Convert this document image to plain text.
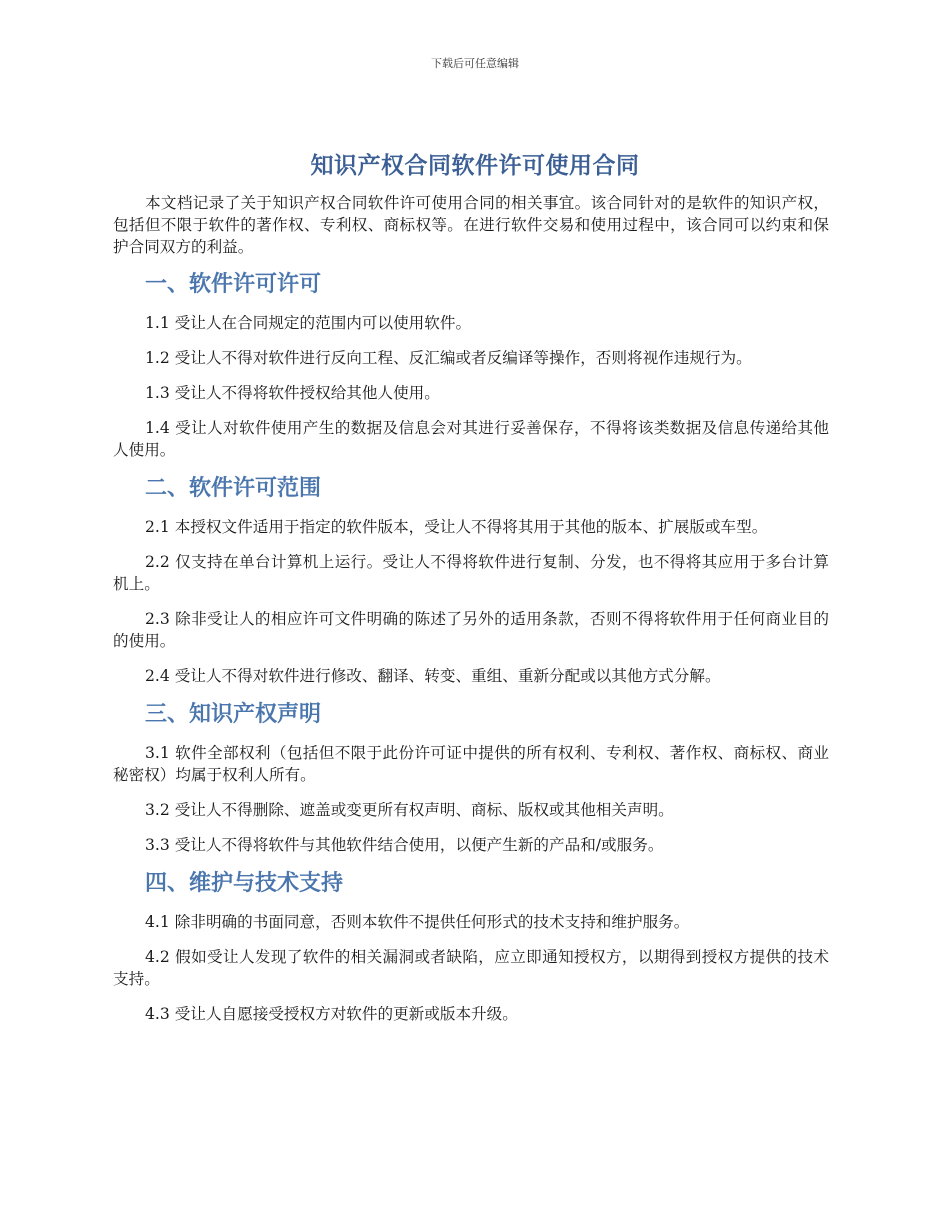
下载后可任意编辑
知识产权合同软件许可使用合同

本文档记录了关于知识产权合同软件许可使用合同的相关事宜。该合同针对的是软件的知识产权，包括但不限于软件的著作权、专利权、商标权等。在进行软件交易和使用过程中，该合同可以约束和保护合同双方的利益。

一、软件许可许可

1.1 受让人在合同规定的范围内可以使用软件。

1.2 受让人不得对软件进行反向工程、反汇编或者反编译等操作，否则将视作违规行为。

1.3 受让人不得将软件授权给其他人使用。

1.4 受让人对软件使用产生的数据及信息会对其进行妥善保存，不得将该类数据及信息传递给其他人使用。

二、软件许可范围

2.1 本授权文件适用于指定的软件版本，受让人不得将其用于其他的版本、扩展版或车型。

2.2 仅支持在单台计算机上运行。受让人不得将软件进行复制、分发，也不得将其应用于多台计算机上。

2.3 除非受让人的相应许可文件明确的陈述了另外的适用条款，否则不得将软件用于任何商业目的的使用。

2.4 受让人不得对软件进行修改、翻译、转变、重组、重新分配或以其他方式分解。

三、知识产权声明

3.1 软件全部权利（包括但不限于此份许可证中提供的所有权利、专利权、著作权、商标权、商业秘密权）均属于权利人所有。

3.2 受让人不得删除、遮盖或变更所有权声明、商标、版权或其他相关声明。

3.3 受让人不得将软件与其他软件结合使用，以便产生新的产品和/或服务。

四、维护与技术支持

4.1 除非明确的书面同意，否则本软件不提供任何形式的技术支持和维护服务。

4.2 假如受让人发现了软件的相关漏洞或者缺陷，应立即通知授权方，以期得到授权方提供的技术支持。

4.3 受让人自愿接受授权方对软件的更新或版本升级。
